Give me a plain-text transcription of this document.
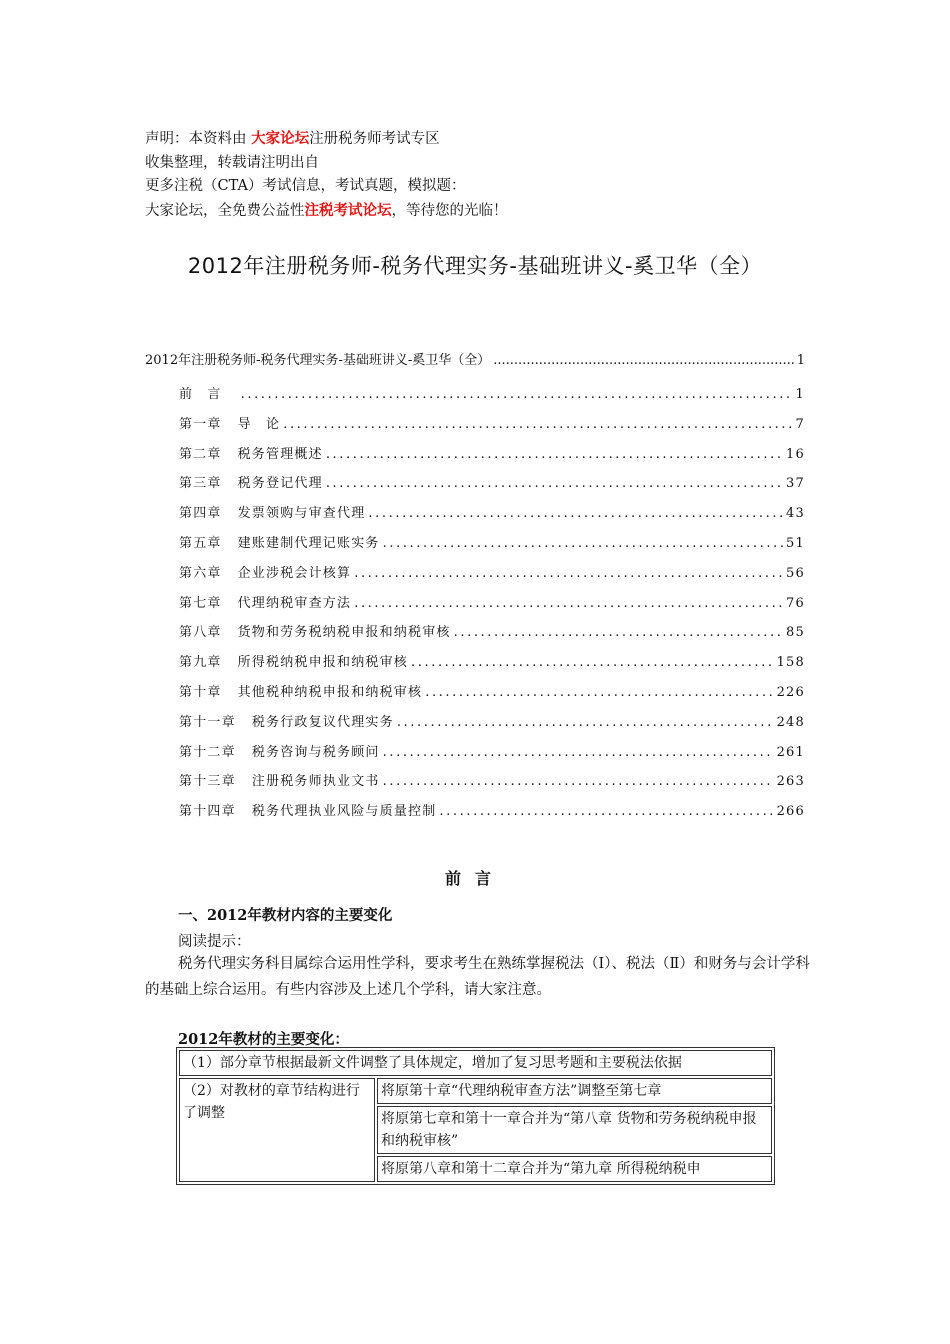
声明：本资料由 大家论坛注册税务师考试专区
收集整理，转载请注明出自
更多注税（CTA）考试信息，考试真题，模拟题：
大家论坛，全免费公益性注税考试论坛，等待您的光临！
2012年注册税务师-税务代理实务-基础班讲义-奚卫华（全）
2012年注册税务师-税务代理实务-基础班讲义-奚卫华（全） .....	1
前　言 .....	1
第一章	导　论 .....	7
第二章	税务管理概述 .....	16
第三章	税务登记代理 .....	37
第四章	发票领购与审查代理 .....	43
第五章	建账建制代理记账实务 .....	51
第六章	企业涉税会计核算 .....	56
第七章	代理纳税审查方法 .....	76
第八章	货物和劳务税纳税申报和纳税审核 .....	85
第九章	所得税纳税申报和纳税审核 .....	158
第十章	其他税种纳税申报和纳税审核 .....	226
第十一章	税务行政复议代理实务 .....	248
第十二章	税务咨询与税务顾问 .....	261
第十三章	注册税务师执业文书 .....	263
第十四章	税务代理执业风险与质量控制 .....	266
前言
一、2012年教材内容的主要变化
阅读提示：
税务代理实务科目属综合运用性学科，要求考生在熟练掌握税法（Ⅰ）、税法（Ⅱ）和财务与会计学科的基础上综合运用。有些内容涉及上述几个学科，请大家注意。
2012年教材的主要变化：
（1）部分章节根据最新文件调整了具体规定，增加了复习思考题和主要税法依据
（2）对教材的章节结构进行了调整	将原第十章“代理纳税审查方法”调整至第七章
将原第七章和第十一章合并为“第八章 货物和劳务税纳税申报和纳税审核”
将原第八章和第十二章合并为“第九章 所得税纳税申
